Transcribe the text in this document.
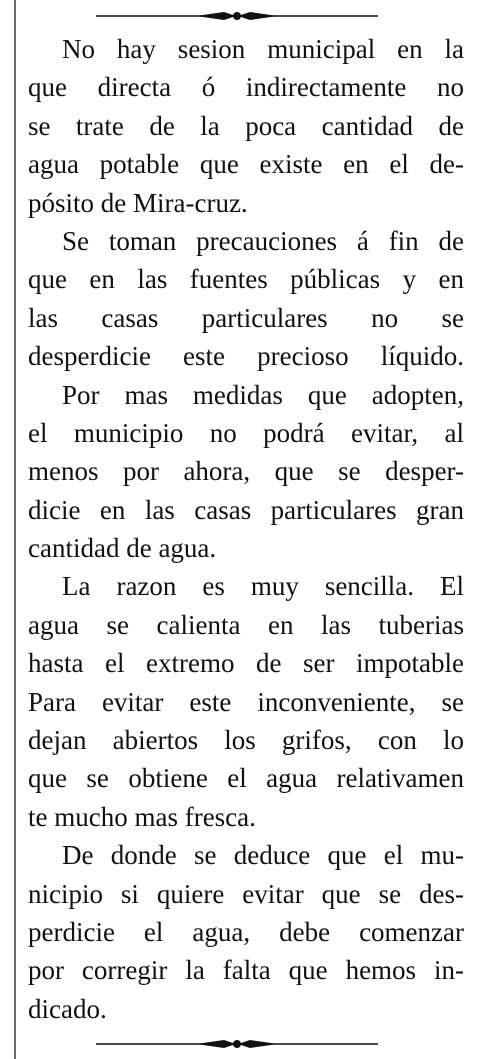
No hay sesion municipal en la
que directa ó indirectamente no
se trate de la poca cantidad de
agua potable que existe en el de-
pósito de Mira-cruz.

Se toman precauciones á fin de
que en las fuentes públicas y en
las casas particulares no se
desperdicie este precioso líquido.

Por mas medidas que adopten,
el municipio no podrá evitar, al
menos por ahora, que se desper-
dicie en las casas particulares gran
cantidad de agua.

La razon es muy sencilla. El
agua se calienta en las tuberias
hasta el extremo de ser impotable
Para evitar este inconveniente, se
dejan abiertos los grifos, con lo
que se obtiene el agua relativamen
te mucho mas fresca.

De donde se deduce que el mu-
nicipio si quiere evitar que se des-
perdicie el agua, debe comenzar
por corregir la falta que hemos in-
dicado.
